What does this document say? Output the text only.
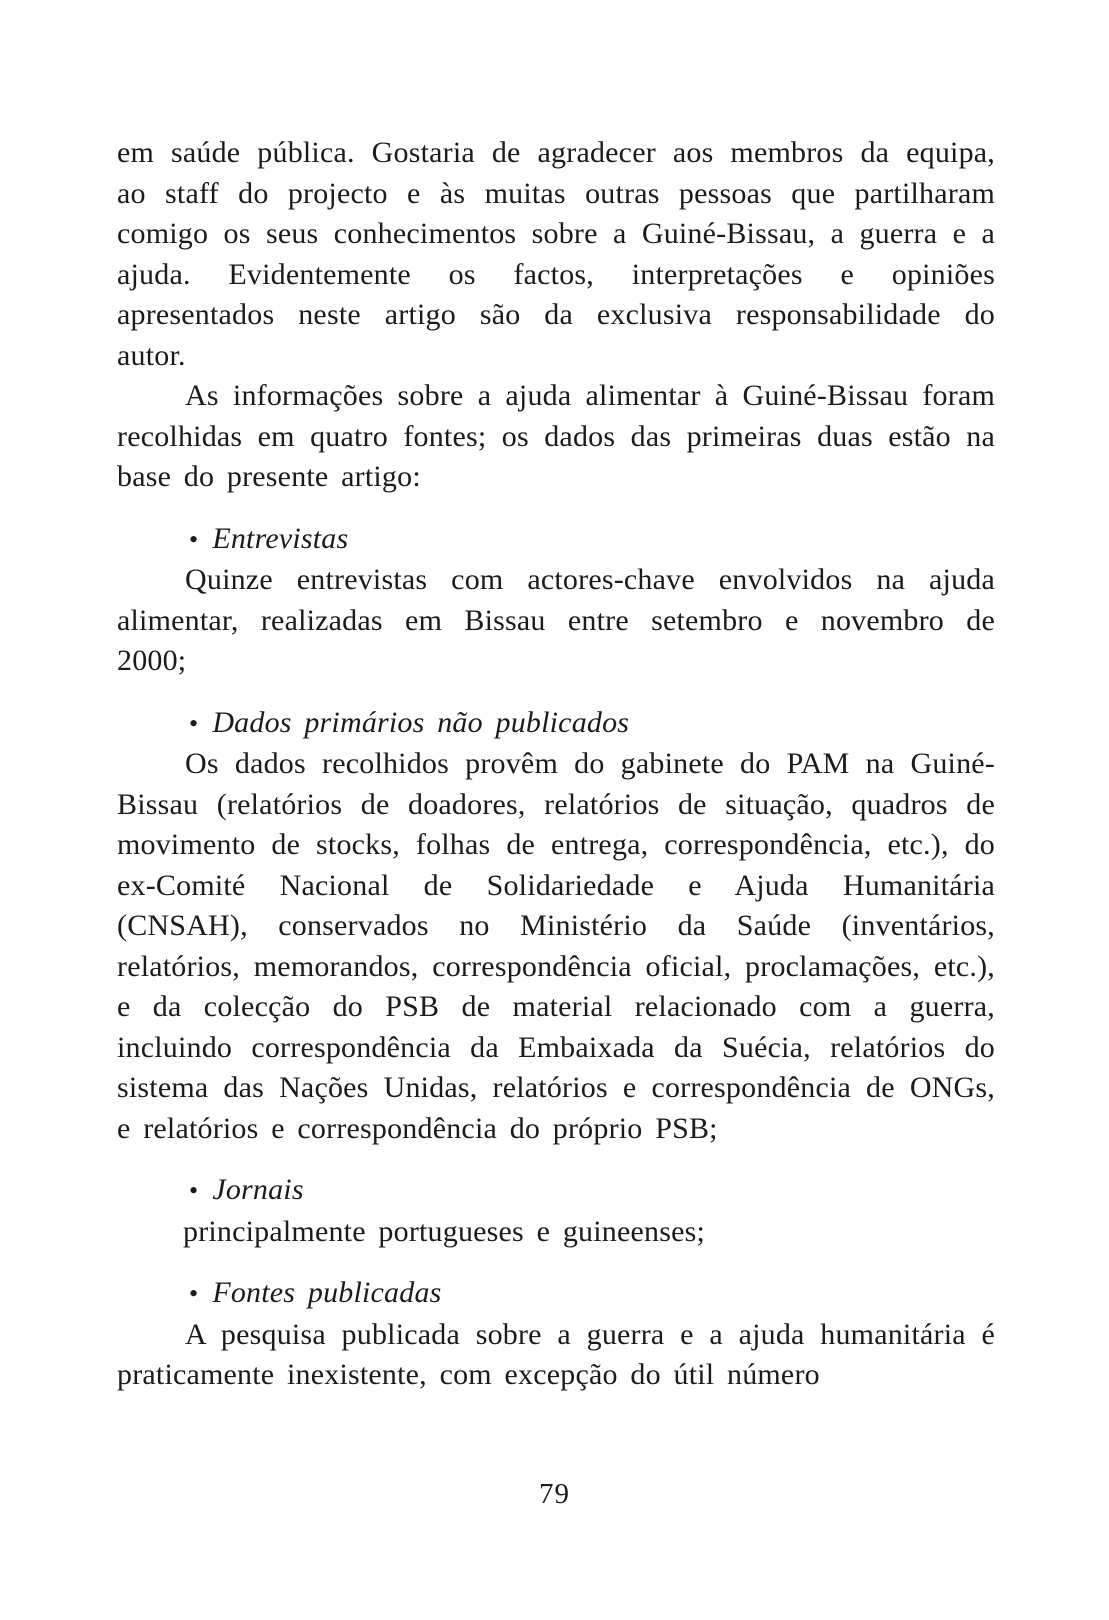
em saúde pública. Gostaria de agradecer aos membros da equipa, ao staff do projecto e às muitas outras pessoas que partilharam comigo os seus conhecimentos sobre a Guiné-Bissau, a guerra e a ajuda. Evidentemente os factos, interpretações e opiniões apresentados neste artigo são da exclusiva responsabilidade do autor.

As informações sobre a ajuda alimentar à Guiné-Bissau foram recolhidas em quatro fontes; os dados das primeiras duas estão na base do presente artigo:

• Entrevistas

Quinze entrevistas com actores-chave envolvidos na ajuda alimentar, realizadas em Bissau entre setembro e novembro de 2000;

• Dados primários não publicados

Os dados recolhidos provêm do gabinete do PAM na Guiné-Bissau (relatórios de doadores, relatórios de situação, quadros de movimento de stocks, folhas de entrega, correspondência, etc.), do ex-Comité Nacional de Solidariedade e Ajuda Humanitária (CNSAH), conservados no Ministério da Saúde (inventários, relatórios, memorandos, correspondência oficial, proclamações, etc.), e da colecção do PSB de material relacionado com a guerra, incluindo correspondência da Embaixada da Suécia, relatórios do sistema das Nações Unidas, relatórios e correspondência de ONGs, e relatórios e correspondência do próprio PSB;

• Jornais

principalmente portugueses e guineenses;

• Fontes publicadas

A pesquisa publicada sobre a guerra e a ajuda humanitária é praticamente inexistente, com excepção do útil número

79
